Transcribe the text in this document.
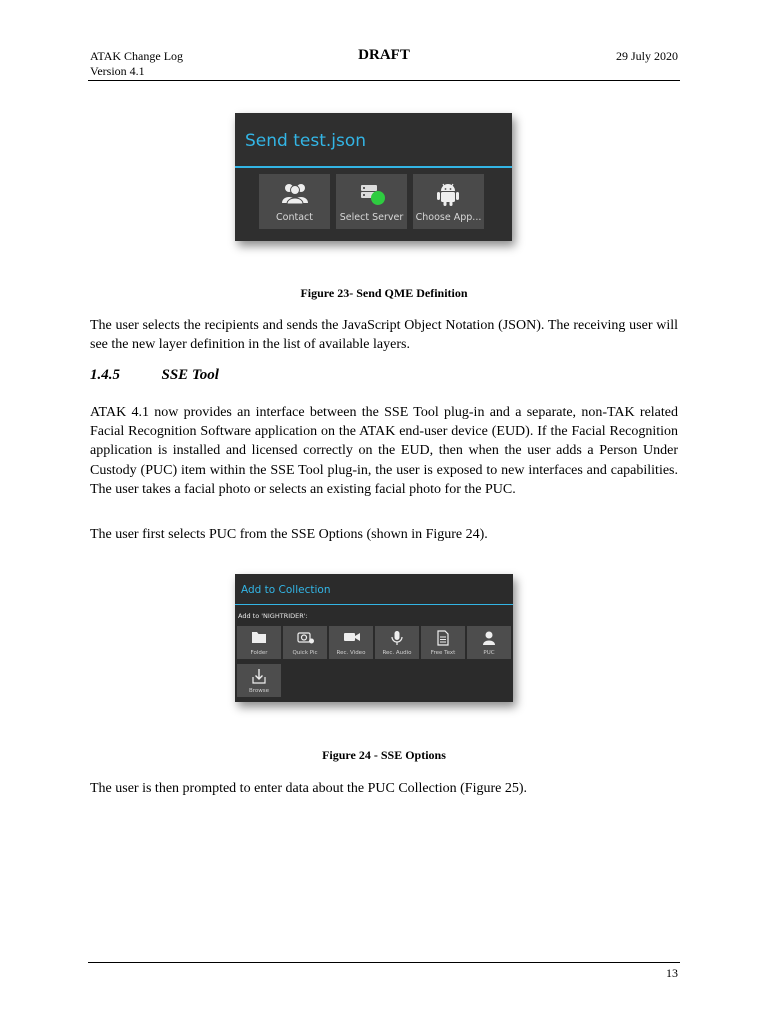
ATAK Change Log
Version 4.1
DRAFT	29 July 2020
Send test.json
Contact	Select Server	Choose App...
Figure 23- Send QME Definition
The user selects the recipients and sends the JavaScript Object Notation (JSON). The receiving user will see the new layer definition in the list of available layers.
1.4.5	SSE Tool
ATAK 4.1 now provides an interface between the SSE Tool plug-in and a separate, non-TAK related Facial Recognition Software application on the ATAK end-user device (EUD). If the Facial Recognition application is installed and licensed correctly on the EUD, then when the user adds a Person Under Custody (PUC) item within the SSE Tool plug-in, the user is exposed to new interfaces and capabilities. The user takes a facial photo or selects an existing facial photo for the PUC.
The user first selects PUC from the SSE Options (shown in Figure 24).
Add to Collection
Add to 'NIGHTRIDER':
Folder	Quick Pic	Rec. Video	Rec. Audio	Free Text	PUC
Browse
Figure 24 - SSE Options
The user is then prompted to enter data about the PUC Collection (Figure 25).
13
